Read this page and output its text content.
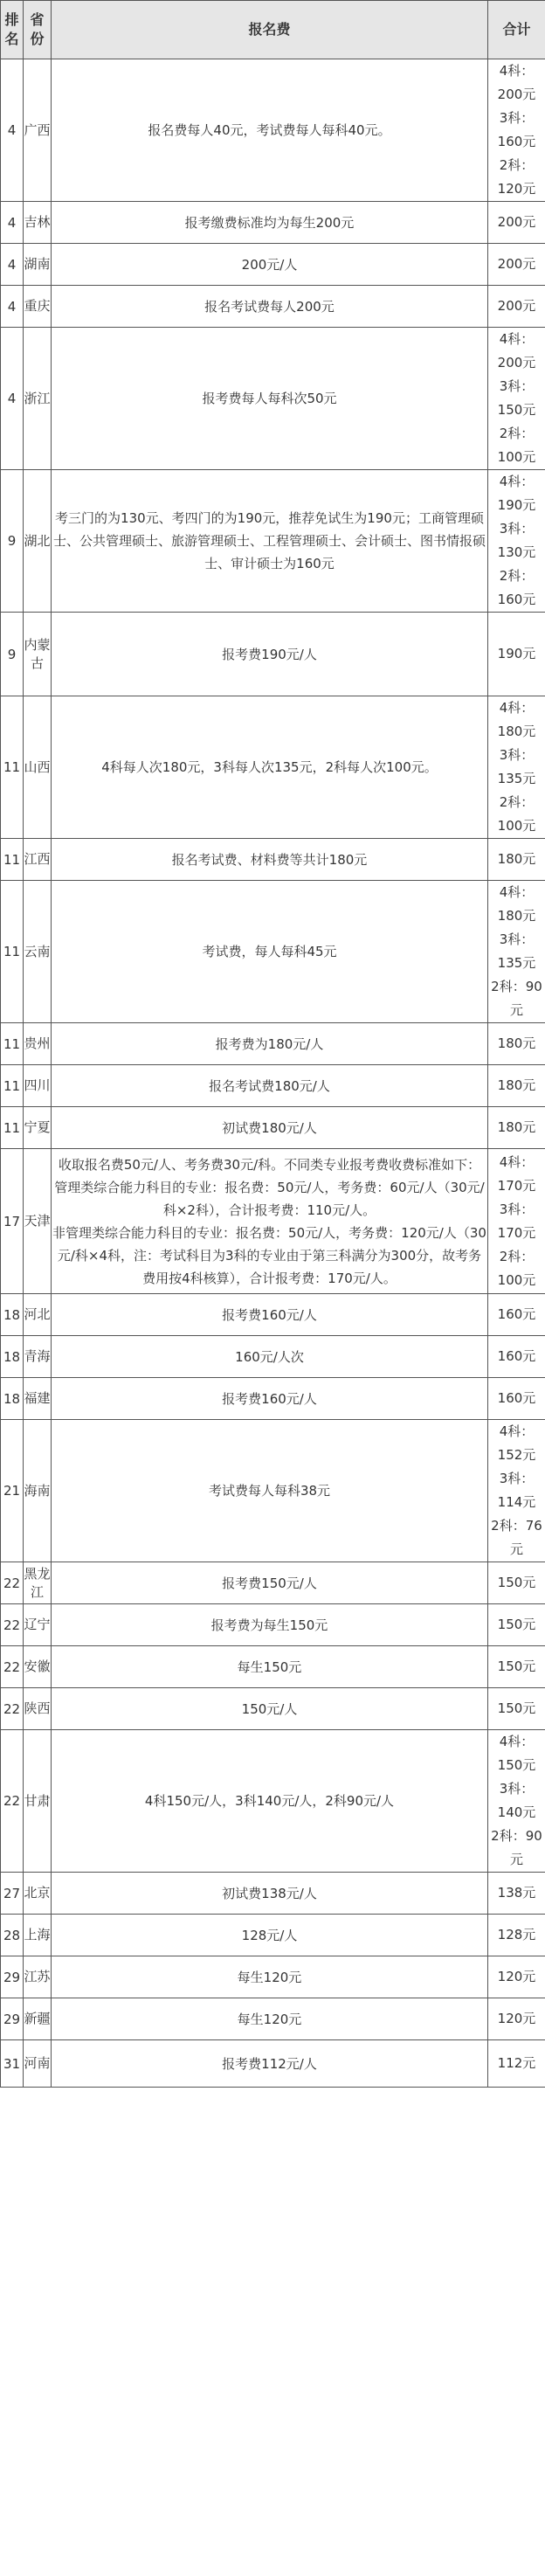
排名	省份	报名费	合计
4	广西	报名费每人40元，考试费每人每科40元。	4科：200元
3科：160元
2科：120元

4	吉林	报考缴费标准均为每生200元	200元

4	湖南	200元/人	200元

4	重庆	报名考试费每人200元	200元

4	浙江	报考费每人每科次50元	4科：200元
3科：150元
2科：100元

9	湖北	考三门的为130元、考四门的为190元，推荐免试生为190元；工商管理硕士、公共管理硕士、旅游管理硕士、工程管理硕士、会计硕士、图书情报硕士、审计硕士为160元	4科：190元
3科：130元
2科：160元

9	内蒙古	报考费190元/人	190元

11	山西	4科每人次180元，3科每人次135元，2科每人次100元。	4科：180元
3科：135元
2科：100元

11	江西	报名考试费、材料费等共计180元	180元

11	云南	考试费，每人每科45元	4科：180元
3科：135元
2科：90元

11	贵州	报考费为180元/人	180元

11	四川	报名考试费180元/人	180元

11	宁夏	初试费180元/人	180元

17	天津	收取报名费50元/人、考务费30元/科。不同类专业报考费收费标准如下：
管理类综合能力科目的专业：报名费：50元/人，考务费：60元/人（30元/科×2科），合计报考费：110元/人。
非管理类综合能力科目的专业：报名费：50元/人，考务费：120元/人（30元/科×4科，注：考试科目为3科的专业由于第三科满分为300分，故考务费用按4科核算），合计报考费：170元/人。	4科：170元
3科：170元
2科：100元

18	河北	报考费160元/人	160元

18	青海	160元/人次	160元

18	福建	报考费160元/人	160元

21	海南	考试费每人每科38元	4科：152元
3科：114元
2科：76元

22	黑龙江	报考费150元/人	150元

22	辽宁	报考费为每生150元	150元

22	安徽	每生150元	150元

22	陕西	150元/人	150元

22	甘肃	4科150元/人，3科140元/人，2科90元/人	4科：150元
3科：140元
2科：90元

27	北京	初试费138元/人	138元

28	上海	128元/人	128元

29	江苏	每生120元	120元

29	新疆	每生120元	120元

31	河南	报考费112元/人	112元
